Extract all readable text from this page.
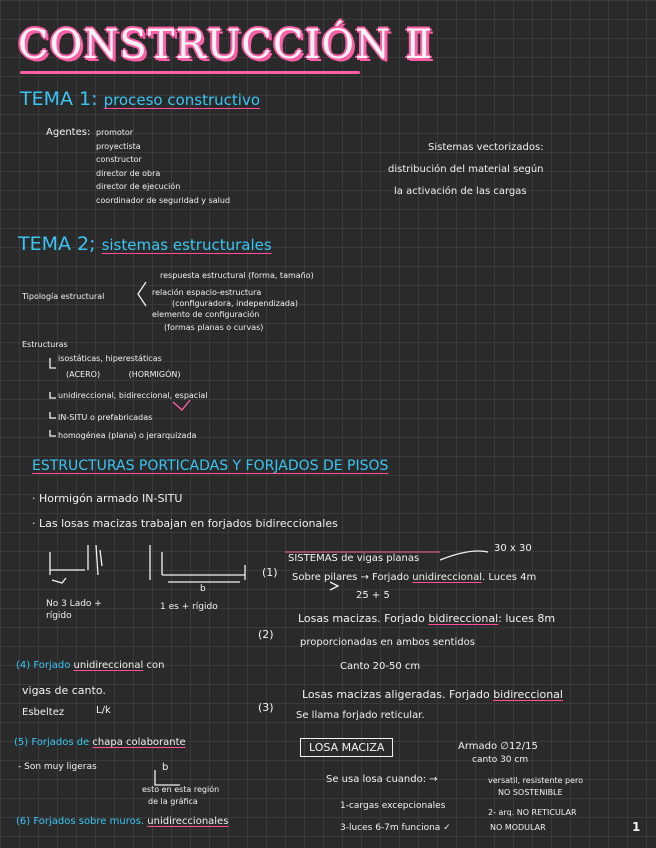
CONSTRUCCIÓN Ⅱ
TEMA 1: proceso constructivo
Agentes: promotor
proyectista
constructor
director de obra
director de ejecución
coordinador de seguridad y salud
Sistemas vectorizados:
distribución del material según
la activación de las cargas
TEMA 2; sistemas estructurales
Tipología estructural
respuesta estructural (forma, tamaño)
relación espacio-estructura
(configuradora, independizada)
elemento de configuración
(formas planas o curvas)
Estructuras
isostáticas, hiperestáticas
(ACERO)	(HORMIGÓN)
unidireccional, bidireccional, espacial
IN-SITU o prefabricadas
homogénea (plana) o jerarquizada
ESTRUCTURAS PORTICADAS Y FORJADOS DE PISOS
· Hormigón armado IN-SITU
· Las losas macizas trabajan en forjados bidireccionales
No 3 Lado +
rígido
1 es + rígido
b
(1)
SISTEMAS de vigas planas
30 x 30
Sobre pilares → Forjado unidireccional. Luces 4m
25 + 5
(2)
Losas macizas. Forjado bidireccional: luces 8m
proporcionadas en ambos sentidos
Canto 20-50 cm
(3)
Losas macizas aligeradas. Forjado bidireccional
Se llama forjado reticular.
(4) Forjado unidireccional con
vigas de canto.
Esbeltez	L/k
(5) Forjados de chapa colaborante
- Son muy ligeras	b
esto en esta región
de la gráfica
(6) Forjados sobre muros. unidireccionales
LOSA MACIZA	Armado ∅12/15
canto 30 cm
Se usa losa cuando: →	versatil, resistente pero
NO SOSTENIBLE
1-cargas excepcionales
2- arq. NO RETICULAR
3-luces 6-7m funciona ✓	NO MODULAR	1
